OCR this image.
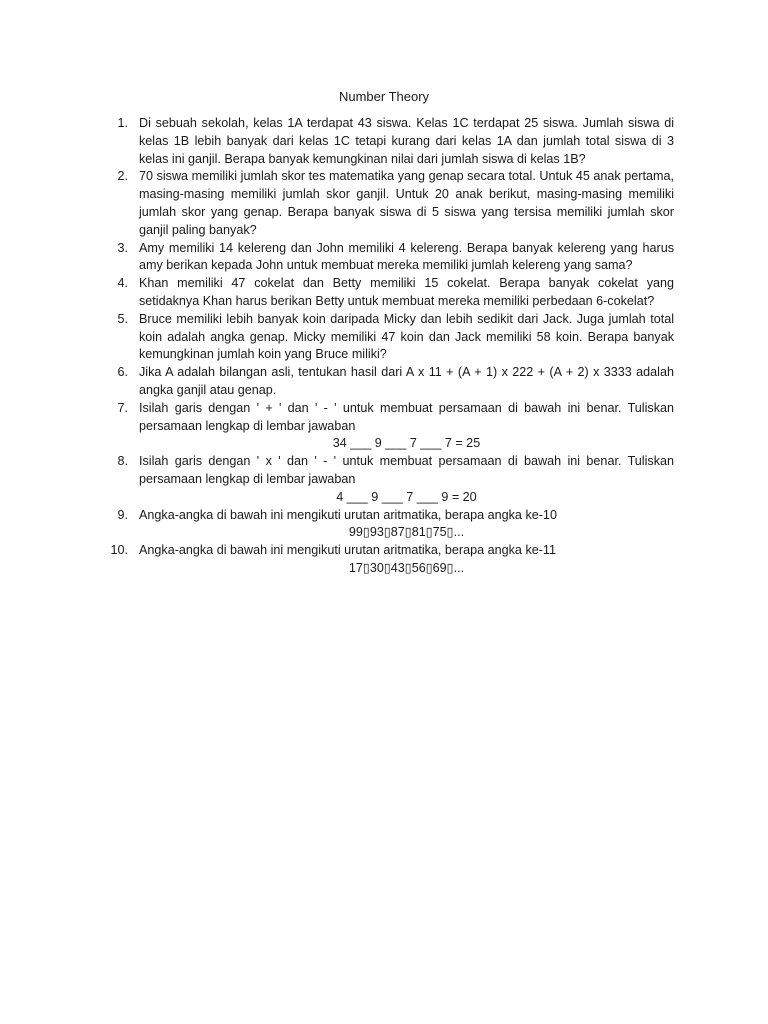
Number Theory
1. Di sebuah sekolah, kelas 1A terdapat 43 siswa. Kelas 1C terdapat 25 siswa. Jumlah siswa di kelas 1B lebih banyak dari kelas 1C tetapi kurang dari kelas 1A dan jumlah total siswa di 3 kelas ini ganjil. Berapa banyak kemungkinan nilai dari jumlah siswa di kelas 1B?
2. 70 siswa memiliki jumlah skor tes matematika yang genap secara total. Untuk 45 anak pertama, masing-masing memiliki jumlah skor ganjil. Untuk 20 anak berikut, masing-masing memiliki jumlah skor yang genap. Berapa banyak siswa di 5 siswa yang tersisa memiliki jumlah skor ganjil paling banyak?
3. Amy memiliki 14 kelereng dan John memiliki 4 kelereng. Berapa banyak kelereng yang harus amy berikan kepada John untuk membuat mereka memiliki jumlah kelereng yang sama?
4. Khan memiliki 47 cokelat dan Betty memiliki 15 cokelat. Berapa banyak cokelat yang setidaknya Khan harus berikan Betty untuk membuat mereka memiliki perbedaan 6-cokelat?
5. Bruce memiliki lebih banyak koin daripada Micky dan lebih sedikit dari Jack. Juga jumlah total koin adalah angka genap. Micky memiliki 47 koin dan Jack memiliki 58 koin. Berapa banyak kemungkinan jumlah koin yang Bruce miliki?
6. Jika A adalah bilangan asli, tentukan hasil dari A x 11 + (A + 1) x 222 + (A + 2) x 3333 adalah angka ganjil atau genap.
7. Isilah garis dengan ' + ' dan ' - ' untuk membuat persamaan di bawah ini benar. Tuliskan persamaan lengkap di lembar jawaban
34 ___ 9 ___ 7 ___ 7 = 25
8. Isilah garis dengan ' x ' dan ' - ' untuk membuat persamaan di bawah ini benar. Tuliskan persamaan lengkap di lembar jawaban
4 ___ 9 ___ 7 ___ 9 = 20
9. Angka-angka di bawah ini mengikuti urutan aritmatika, berapa angka ke-10
99▯93▯87▯81▯75▯...
10. Angka-angka di bawah ini mengikuti urutan aritmatika, berapa angka ke-11
17▯30▯43▯56▯69▯...
